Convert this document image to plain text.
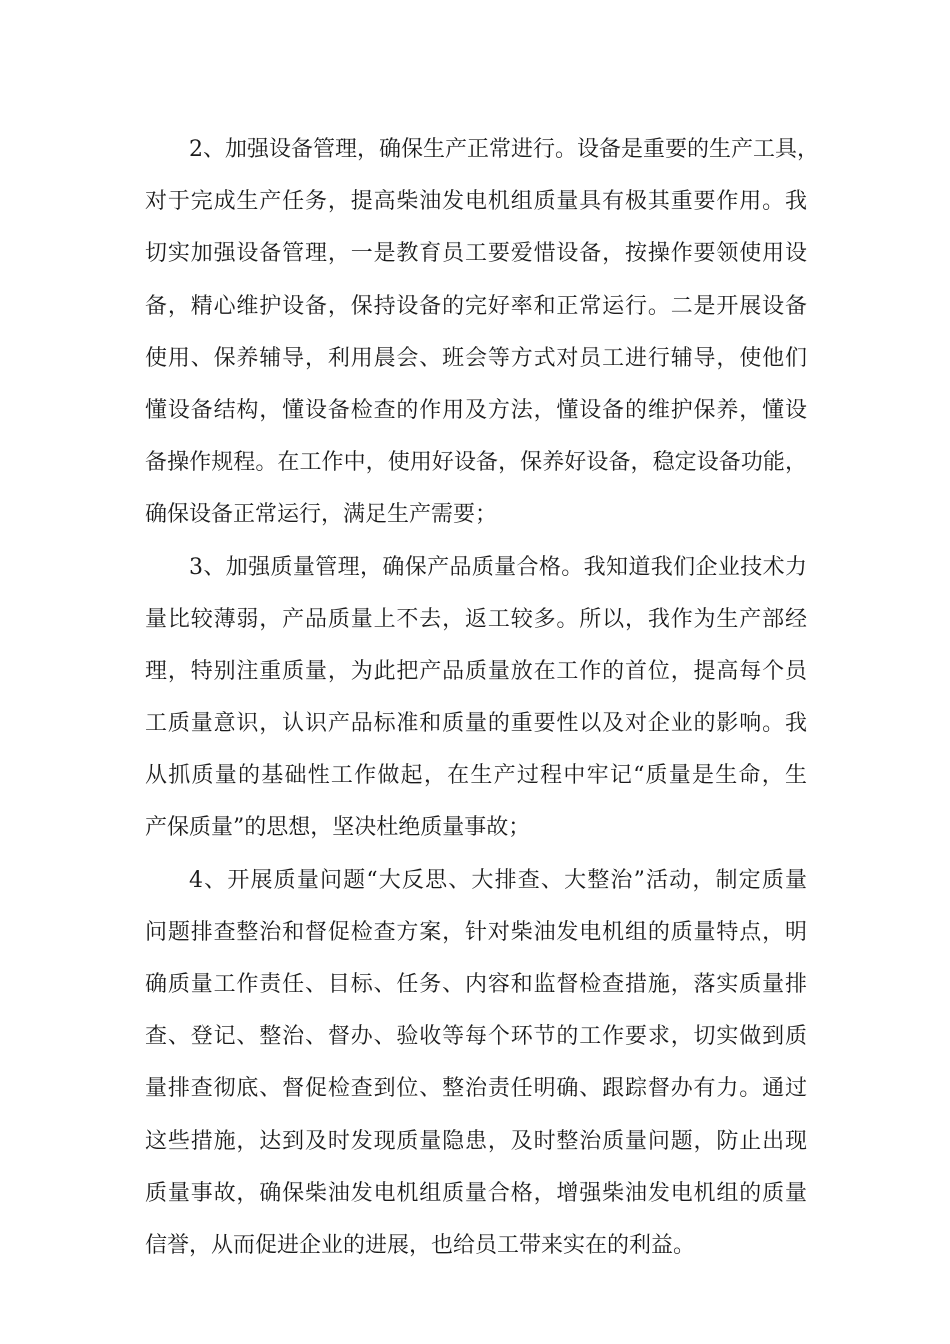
2、加强设备管理，确保生产正常进行。设备是重要的生产工具，
对于完成生产任务，提高柴油发电机组质量具有极其重要作用。我
切实加强设备管理，一是教育员工要爱惜设备，按操作要领使用设
备，精心维护设备，保持设备的完好率和正常运行。二是开展设备
使用、保养辅导，利用晨会、班会等方式对员工进行辅导，使他们
懂设备结构，懂设备检查的作用及方法，懂设备的维护保养，懂设
备操作规程。在工作中，使用好设备，保养好设备，稳定设备功能，
确保设备正常运行，满足生产需要；
3、加强质量管理，确保产品质量合格。我知道我们企业技术力
量比较薄弱，产品质量上不去，返工较多。所以，我作为生产部经
理，特别注重质量，为此把产品质量放在工作的首位，提高每个员
工质量意识，认识产品标准和质量的重要性以及对企业的影响。我
从抓质量的基础性工作做起，在生产过程中牢记“质量是生命，生
产保质量”的思想，坚决杜绝质量事故；
4、开展质量问题“大反思、大排查、大整治”活动，制定质量
问题排查整治和督促检查方案，针对柴油发电机组的质量特点，明
确质量工作责任、目标、任务、内容和监督检查措施，落实质量排
查、登记、整治、督办、验收等每个环节的工作要求，切实做到质
量排查彻底、督促检查到位、整治责任明确、跟踪督办有力。通过
这些措施，达到及时发现质量隐患，及时整治质量问题，防止出现
质量事故，确保柴油发电机组质量合格，增强柴油发电机组的质量
信誉，从而促进企业的进展，也给员工带来实在的利益。
